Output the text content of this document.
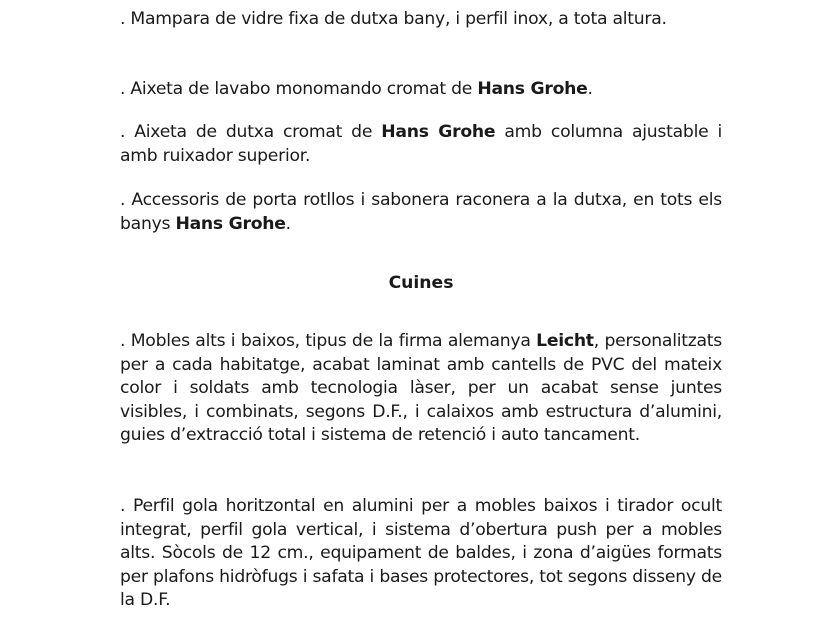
. Mampara de vidre fixa de dutxa bany, i perfil inox, a tota altura.

. Aixeta de lavabo monomando cromat de Hans Grohe.

. Aixeta de dutxa cromat de Hans Grohe amb columna ajustable i amb ruixador superior.

. Accessoris de porta rotllos i sabonera raconera a la dutxa, en tots els banys Hans Grohe.

Cuines

. Mobles alts i baixos, tipus de la firma alemanya Leicht, personalitzats per a cada habitatge, acabat laminat amb cantells de PVC del mateix color i soldats amb tecnologia làser, per un acabat sense juntes visibles, i combinats, segons D.F., i calaixos amb estructura d’alumini, guies d’extracció total i sistema de retenció i auto tancament.

. Perfil gola horitzontal en alumini per a mobles baixos i tirador ocult integrat, perfil gola vertical, i sistema d’obertura push per a mobles alts. Sòcols de 12 cm., equipament de baldes, i zona d’aigües formats per plafons hidròfugs i safata i bases protectores, tot segons disseny de la D.F.
